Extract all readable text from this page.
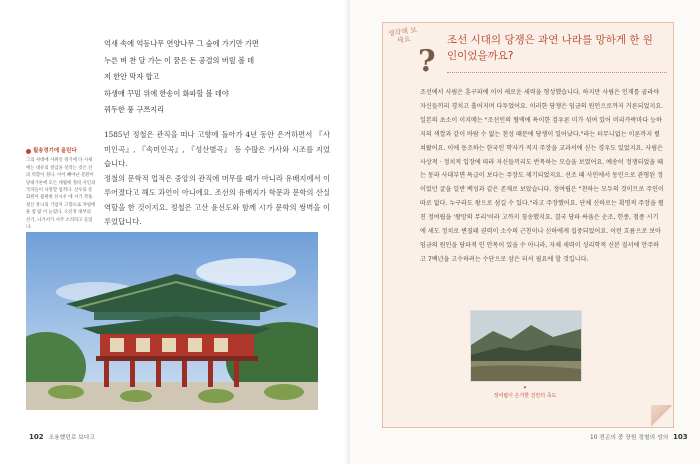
억새 속에 억등나무 연양나무 그 숲에 가기만 가면
누른 벼 찬 달 가는 이 꿈은 돈 공결의 버릴 볼 데
저 한안 막자 합고
하생애 꾸밈 위에 한송이 화파할 볼 데야
꿔두한 풍 구쯔지리
월송정기에 올린다
그의 사대에 사위인 정기에 다 시세에는 대유의 절입을 성격는 것은 신의 역할이 정다. 이어 빼야난 분환이 당대기론에 모든 세월에 정비 서인과 국자들이 사망할 업적다. 신우의 문화원이 불편한 선시우 에 서기 작품 청산 뮤니의 기업자 고향으로 자필에 둔 참 많 이 늘었다. 오신정 대부의 선기, 나가서가 서주 소리라고 들었다.

1585년 정철은 관직을 떠나 고향에 돌아가 4년 동안 은거하면서 『사미인곡』, 『속미인곡』, 『성산별곡』 등 수많은 가사와 시조를 지었습니다.

정철의 문학적 업적은 중앙의 관직에 머무를 때가 아니라 유배지에서 이루어졌다고 해도 과언이 아니에요. 조선의 유배지가 학문과 문학의 산실 역할을 한 것이지요. 정철은 고산 윤선도와 함께 시가 문학의 쌍벽을 이루었답니다.

102 조용했던로 보다고
생각해 보세요
?
조선 시대의 당쟁은 과연 나라를 망하게 한 원인이었을까요?

조선에서 사림은 훈구파에 이어 새로운 세력을 형성했습니다. 하지만 사림은 인재를 골라야 자신들끼리 경치고 흘어지며 다투었어요. 이러한 당쟁은 임금의 원인으로까지 거론되었지요. 일본의 초소이 이지메는 "조선인의 혈액에 특이한 검우론 미가 섞여 있어 머리카락마다 능하지의 색깔과 같이 바람 수 없는 천성 때문에 당쟁이 일어났다."라는 터무니없는 이론까지 펼쳐왔어요. 이에 동조하는 한국인 학자가 적지 주장을 교과서에 싣는 경우도 있었지요. 사림은 사상적 · 정치적 입장에 따라 자신들끼리도 반목하는 모습을 보였어요. 예송이 정쟁되었을 때는 동파 사대부면 특급이 보다는 주장도 제기되었지요. 선조 때 사인에서 동인으로 관형된 정이었던 굴을 일반 백성과 같은 존재로 보았습니다. 정여립은 "천하는 모두의 것이므로 주인이 따로 없다. 누구라도 왕으로 섬길 수 있다."라고 주장했어요. 단체 신하로는 획명적 주장을 펼친 정여립을 '왕망의 무리'이라 고까지 칭송했지요. 결국 당파 싸움은 순조, 헌종, 철종 시기에 세도 정치로 변질돼 권력이 소수의 근친이나 신하에게 집중되었어요. 이런 흐름으로 보아 임금의 원인을 당파적 인 안목이 있을 수 아니라, 자체 세력이 성리학적 신분 질서에 안주하고 7백년을 고수하려는 수단으로 삼은 터서 필요에 할 것입니다.

▾
정여립이 은거한 진안의 죽도
10 전곤의 중 장원 정철의 성의 103
